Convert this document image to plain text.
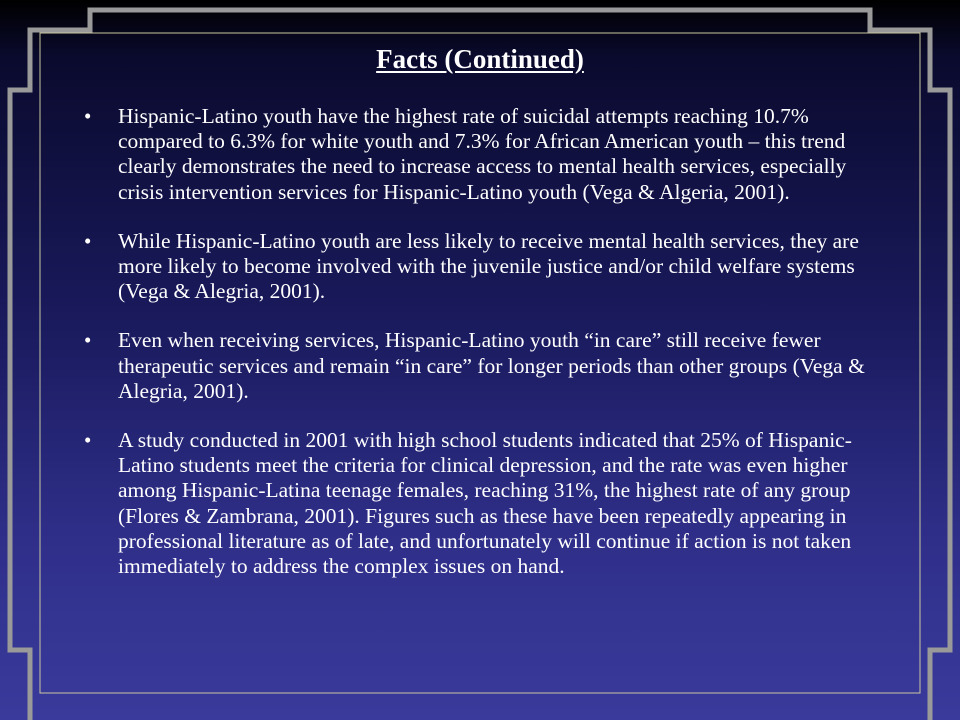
Facts (Continued)
• Hispanic-Latino youth have the highest rate of suicidal attempts reaching 10.7% compared to 6.3% for white youth and 7.3% for African American youth – this trend clearly demonstrates the need to increase access to mental health services, especially crisis intervention services for Hispanic-Latino youth (Vega & Algeria, 2001).
• While Hispanic-Latino youth are less likely to receive mental health services, they are more likely to become involved with the juvenile justice and/or child welfare systems (Vega & Alegria, 2001).
• Even when receiving services, Hispanic-Latino youth “in care” still receive fewer therapeutic services and remain “in care” for longer periods than other groups (Vega & Alegria, 2001).
• A study conducted in 2001 with high school students indicated that 25% of Hispanic-Latino students meet the criteria for clinical depression, and the rate was even higher among Hispanic-Latina teenage females, reaching 31%, the highest rate of any group (Flores & Zambrana, 2001). Figures such as these have been repeatedly appearing in professional literature as of late, and unfortunately will continue if action is not taken immediately to address the complex issues on hand.
